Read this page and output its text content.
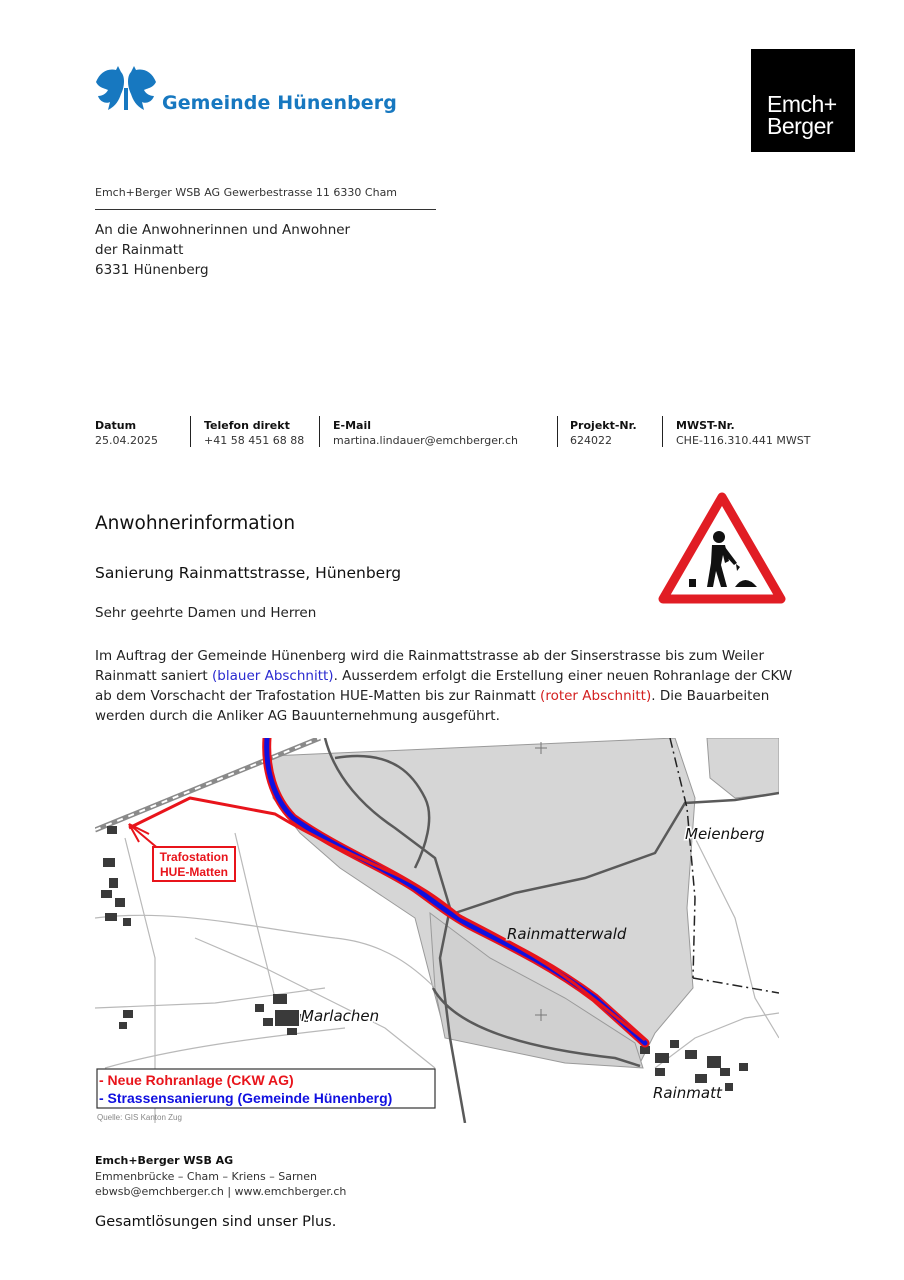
Gemeinde Hünenberg	Emch+
Berger
Emch+Berger WSB AG Gewerbestrasse 11 6330 Cham
An die Anwohnerinnen und Anwohner
der Rainmatt
6331 Hünenberg
Datum
25.04.2025
Telefon direkt
+41 58 451 68 88
E-Mail
martina.lindauer@emchberger.ch
Projekt-Nr.
624022
MWST-Nr.
CHE-116.310.441 MWST
Anwohnerinformation
Sanierung Rainmattstrasse, Hünenberg
Sehr geehrte Damen und Herren
Im Auftrag der Gemeinde Hünenberg wird die Rainmattstrasse ab der Sinserstrasse bis zum Weiler Rainmatt saniert (blauer Abschnitt). Ausserdem erfolgt die Erstellung einer neuen Rohranlage der CKW ab dem Vorschacht der Trafostation HUE-Matten bis zur Rainmatt (roter Abschnitt). Die Bauarbeiten werden durch die Anliker AG Bauunternehmung ausgeführt.
Trafostation
HUE-Matten
Meienberg
Rainmatterwald
Marlachen
Rainmatt
- Neue Rohranlage (CKW AG)
- Strassensanierung (Gemeinde Hünenberg)
Quelle: GIS Kanton Zug
Emch+Berger WSB AG
Emmenbrücke – Cham – Kriens – Sarnen
ebwsb@emchberger.ch | www.emchberger.ch
Gesamtlösungen sind unser Plus.
